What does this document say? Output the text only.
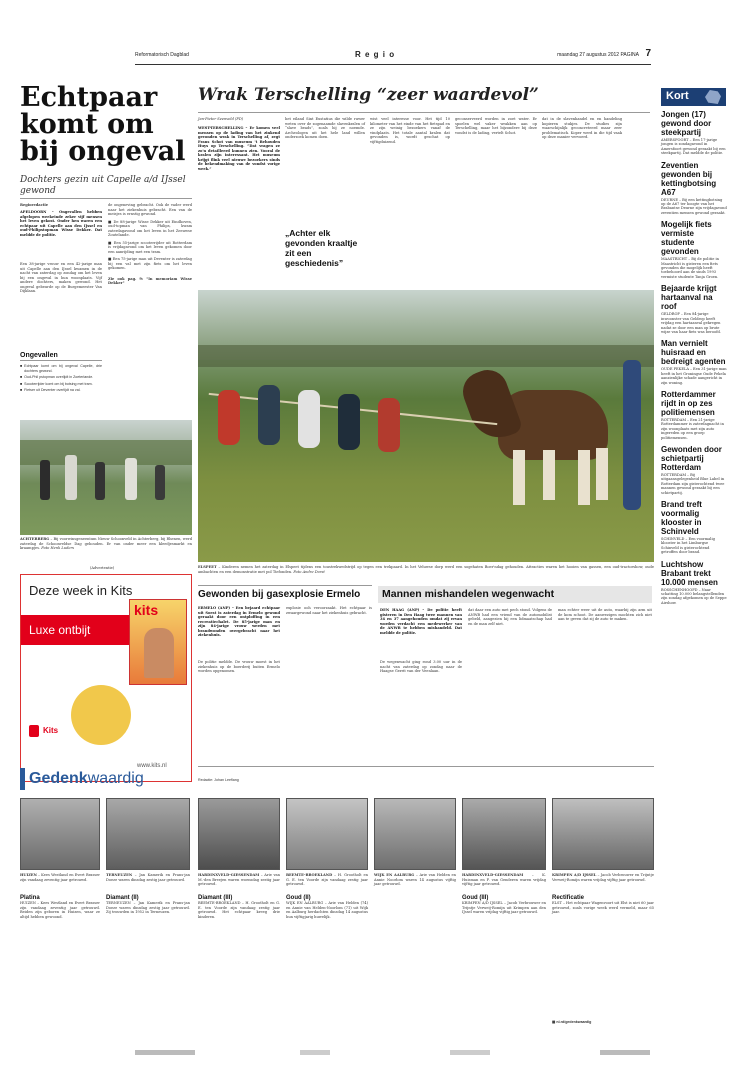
Reformatorisch Dagblad	R e g i o	maandag 27 augustus 2012 PAGINA 7
Echtpaar komt om bij ongeval
Dochters gezin uit Capelle a/d IJssel gewond
Regioredactie
APELDOORN – Ongevallen hebben afgelopen weekeinde zeker vijf mensen het leven gekost. Onder hen waren een echtpaar uit Capelle aan den IJssel en oud-Philipstopman Wisse Dekker. Dat meldde de politie.
Een 38-jarige vrouw en een 42-jarige man uit Capelle aan den IJssel kwamen in de nacht van zaterdag op zondag om het leven bij een ongeval in hun woonplaats. Vijf andere dochters, maken gewond. Het ongeval gebeurde op de Burgemeester Van Dijklaan.
Ongevallen
■ Echtpaar komt om bij ongeval Capelle, drie dochters gewond.
■ Oud-Phil pstopman overlijdt in Zoeterlande.
■ Scooterrijder komt om bij botsing met tram.
■ Fietser uit Deventer overlijdt na val.
de ongeneving gebracht. Ook de vader werd naar het ziekenhuis gebracht. Een van de meisjes is ernstig gewond.
■ De 88-jarige Wisse Dekker uit Eindhoven, oud-topman van Philips, kwam zaterdagavond om het leven in het Zeeuwse Zoutelande.
■ Een 55-jarige scooterrijder uit Rotterdam is vrijdagavond om het leven gekomen door een aanrijding met een tram.
■ Een 75-jarige man uit Deventer is zaterdag bij een val met zijn fiets om het leven gekomen.
Zie ook pag. 9: "In memoriam Wisse Dekker"
ACHTERBERG – Bij voorwinsgeneentum Nieuw Schoonveld in Achterberg, bij Rhenen, werd zaterdag de Schoonveldse Dag gehouden. Er van onder meer een kleedjesmarkt en kraampjes. Foto Henk Luders
(Advertentie)
Deze week in Kits
Luxe ontbijt
kits
Kits
www.kits.nl
Wrak Terschelling “zeer waardevol”
Jan-Pieter Seenveld (PD)
WEST-TERSCHELLING – Er komen veel mensen op de lading van het zinkend gevonden wrak in Terschelling af, zegt Frans Schot van museum 't Behouden Huys op Terschelling. “Dat vragen ze zo'n detailleerd kunnen zien. Vooral de kralen zijn interessant. Het museum krijgt flink veel nieuwe bezoekers sinds de bekendmaking van de vondst vorige week.”
het eiland Sint Eustatius die wilde ruwer weten over de zogenaamde slavenkralen of “slave beads”, zoals hij ze noemde. Archeologen uit het hele land willen onderzoek komen doen.
„Achter elk gevonden kraaltje zit een geschiedenis”
wist veel interesse voor. Het tijd 10 kilometer van het einde van het fietspad en ze zijn weinig bezoekers vanaf de vindplaats. Het totale aantal kralen dat gevonden is, wordt geschat op vijftigduizend.
geconserveerd worden in zoet water. Er spoelen wel vaker wrakken aan op Terschelling, maar het bijzondere bij deze vondst is de lading, vertelt Schot.
dat in de slavenhandel en en handeling kopieren stukjes. De studies zijn waarschijnlijk geconcreteerd maar zeer problematisch. Koper werd in die tijd vaak op deze manier vervoerd.
ELSPEET – Kinderen nemen het zaterdag in Elspeet tijdens een toustrekwedstrijd op tegen een trekpaard. In het Veluwse dorp werd een sogehaten Boer'ndag gehouden. Attracties waren het hooien van gassen, een oud-tractorshow, oude ambachten en een demonstratie met pol Tiefonden. Foto Andre Dorst
Gewonden bij gasexplosie Ermelo
ERMELO (ANP) – Een bejaard echtpaar uit Soest is zaterdag in Ermelo gewond geraakt door een ontploffing in een recreatiechalet. De 85-jarige man en zijn 84-jarige vrouw werden met brandwonden overgebracht naar het ziekenhuis.
De politie meldde. De vrouw moest in het ziekenhuis op de boerderij buiten Ermelo worden opgenomen.
explosie ooh veroorzaakt. Het echtpaar is zwaargewond naar het ziekenhuis gebracht.
Mannen mishandelen wegenwacht
DEN HAAG (ANP) – De politie heeft gisteren in Den Haag twee mannen van 34 en 37 aangehouden omdat zij ervan worden verdacht een medewerker van de ANWB te hebben mishandeld. Dat meldde de politie.
De wegenwacht ging rond 3.00 uur in de nacht van zaterdag op zondag naar de Haagse Gerrit van der Veenlaan.
dat daar een auto met pech stond. Volgens de ANWB had een vriend van de automobilist gebeld, aangezien hij een lidmaatschap had en de man zelf niet.
man echter weer uit de auto, waarbij zijn arm uit de kom schoot. De aanwezigen mochten zich niet aan te geven dat zij de auto te maken.
Kort
Jongen (17) gewond door steekpartij
AMERSFOORT – Een 17-jarige jongen is zondagavond in Amersfoort gewond geraakt bij een steekpartij. Dat meldde de politie.
Zeventien gewonden bij kettingbotsing A67
DEURNE – Bij een kettingbotsing op de A67 ter hoogte van het Brabantse Deurne zijn vrijdagavond zeventien mensen gewond geraakt.
Mogelijk fiets vermiste studente gevonden
MAASTRICHT – Bij de politie in Maastricht is gisteren een fiets gevonden die mogelijk heeft toebehoord aan de sinds 1993 vermiste studente Tanja Groen.
Bejaarde krijgt hartaanval na roof
GELDROP – Een 84-jarige inwoonster van Geldrop heeft vrijdag een hartaanval gekregen nadat ze door een man op brute wijze van haar fiets was beroofd.
Man vernielt huisraad en bedreigt agenten
OUDE PEKELA – Een 31-jarige man heeft in het Groningse Oude Pekela aanzienlijke schade aangericht in zijn woning.
Rotterdammer rijdt in op zes politiemensen
ROTTERDAM – Een 21-jarige Rotterdammer is zaterdagnacht in zijn woonplaats met zijn auto ingereden op een groep politiemensen.
Gewonden door schietpartij Rotterdam
ROTTERDAM – Bij uitgaansgelegenheid Blue Label in Rotterdam zijn gisterochtend twee mannen gewond geraakt bij een schietpartij.
Brand treft voormalig klooster in Schinveld
SCHINVELD – Een voormalig klooster in het Limburgse Schinveld is gisterochtend getroffen door brand.
Luchtshow Brabant trekt 10.000 mensen
BOSSCHENHOOFD – Naar schatting 10.000 belangstellenden zijn zondag afgekomen op de Seppe Airshow.
Gedenkwaardig	Redactie: Johan Leeflang
HUIZEN – Kees Westland en Evert Brasser zijn vandaag zeventig jaar getrouwd.
TERNEUZEN – Jan Kamerik en Frans-jan Doeze waren dinsdag zestig jaar getrouwd.
HARDINXVELD-GIESSENDAM – Arie van M.-den Breejen waren woensdag zestig jaar getrouwd.
BEEMTE-BROEKLAND – H. Grootholt en G. E. ten Voorde zijn vandaag zestig jaar getrouwd.
WIJK EN AALBURG – Arie van Helden en Annie Noorlom waren 14 augustus vijftig jaar getrouwd.
HARDINXVELD-GIESSENDAM – K. Huisman en F. van Genderen waren vrijdag vijftig jaar getrouwd.
KRIMPEN A/D IJSSEL – Jacob Verbrouwer en Trijntje Verweij-Romijn waren vrijdag vijftig jaar getrouwd.
Platina
HUIZEN – Kees Westland en Evert Brasser zijn vandaag zeventig jaar getrouwd. Beiden zijn geboren in Huizen, waar ze altijd hebben gewoond.
Diamant (II)
TERNEUZEN – Jan Kamerik en Frans-jan Doeze waren dinsdag zestig jaar getrouwd. Zij trouwden in 1952 in Terneuzen.
Diamant (III)
BEEMTE-BROEKLAND – H. Grootholt en G. E. ten Voorde zijn vandaag zestig jaar getrouwd. Het echtpaar kreeg drie kinderen.
Goud (II)
WIJK EN AALBURG – Arie van Helden (74) en Annie van Helden-Noorlom (71) uit Wijk en Aalburg herdachten dinsdag 14 augustus hun vijftigjarig huwelijk.
Goud (III)
KRIMPEN A/D IJSSEL – Jacob Verbrouwer en Trijntje Verweij-Romijn uit Krimpen aan den IJssel waren vrijdag vijftig jaar getrouwd.
Rectificatie
ELST – Het echtpaar Wagenvoort uit Elst is niet 60 jaar getrouwd, zoals vorige week werd vermeld, maar 65 jaar.
▦ nl.rd/gedenkwaardig
